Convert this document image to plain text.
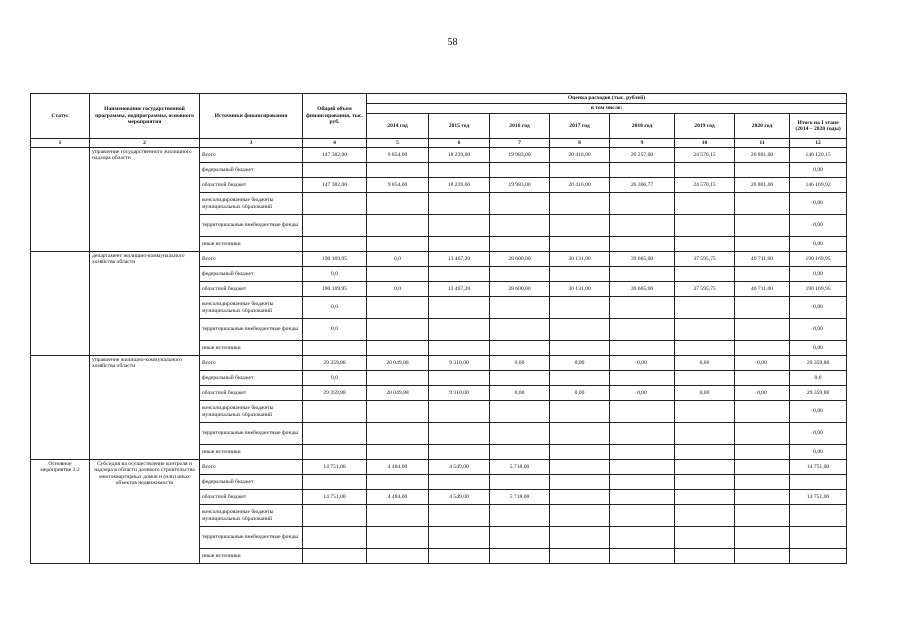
58
Статус	Наименование государственной программы, подпрограммы, основного мероприятия	Источники финансирования	Общий объем финансирования, тыс. руб.	Оценка расходов (тыс. рублей)							
				в том числе:							
				2014 год	2015 год	2016 год	2017 год	2018 год	2019 год	2020 год	Итого на I этапе (2014 – 2020 годы)
1	2	3	4	5	6	7	8	9	10	11	12
	управление государственного жилищного надзора области	Всего	147 382,00	9 854,00	18 239,00	19 983,00	20 416,00	26 257,00	24 570,15	26 801,00	146 120,15
		федеральный бюджет									0,00
		областной бюджет	147 382,00	9 854,00	18 239,00	19 983,00	20 416,00	26 306,77	24 570,15	26 801,00	146 169,92
		консолидированные бюджеты муниципальных образований									0,00
		территориальные внебюджетные фонды									0,00
		иные источники									0,00
	департамент жилищно-коммунального хозяйства области	Всего	190 169,95	0,0	13 467,20	28 600,00	30 131,00	39 665,00	37 595,75	40 711,00	190 169,95
		федеральный бюджет	0,0								0,00
		областной бюджет	190 169,95	0,0	13 467,20	28 600,00	30 131,00	39 665,00	37 595,75	40 711,00	190 169,95
		консолидированные бюджеты муниципальных образований	0,0								0,00
		территориальные внебюджетные фонды	0,0								0,00
		иные источники									0,00
	управление жилищно-коммунального хозяйства области	Всего	29 359,88	20 049,88	9 310,00	0,00	0,00	0,00	0,00	0,00	29 359,88
		федеральный бюджет	0,0								0,0
		областной бюджет	29 359,88	20 049,88	9 310,00	0,00	0,00	0,00	0,00	0,00	29 359,88
		консолидированные бюджеты муниципальных образований									0,00
		территориальные внебюджетные фонды									0,00
		иные источники									0,00
Основное мероприятие 3.2	Субсидия на осуществление контроля и надзора в области долевого строительства многоквартирных домов и (или) иных объектов недвижимости	Всего	14 751,00	4 484,00	4 549,00	5 718,00					14 751,00
		федеральный бюджет									
		областной бюджет	14 751,00	4 484,00	4 549,00	5 718,00					14 751,00
		консолидированные бюджеты муниципальных образований									
		территориальные внебюджетные фонды									
		иные источники									
